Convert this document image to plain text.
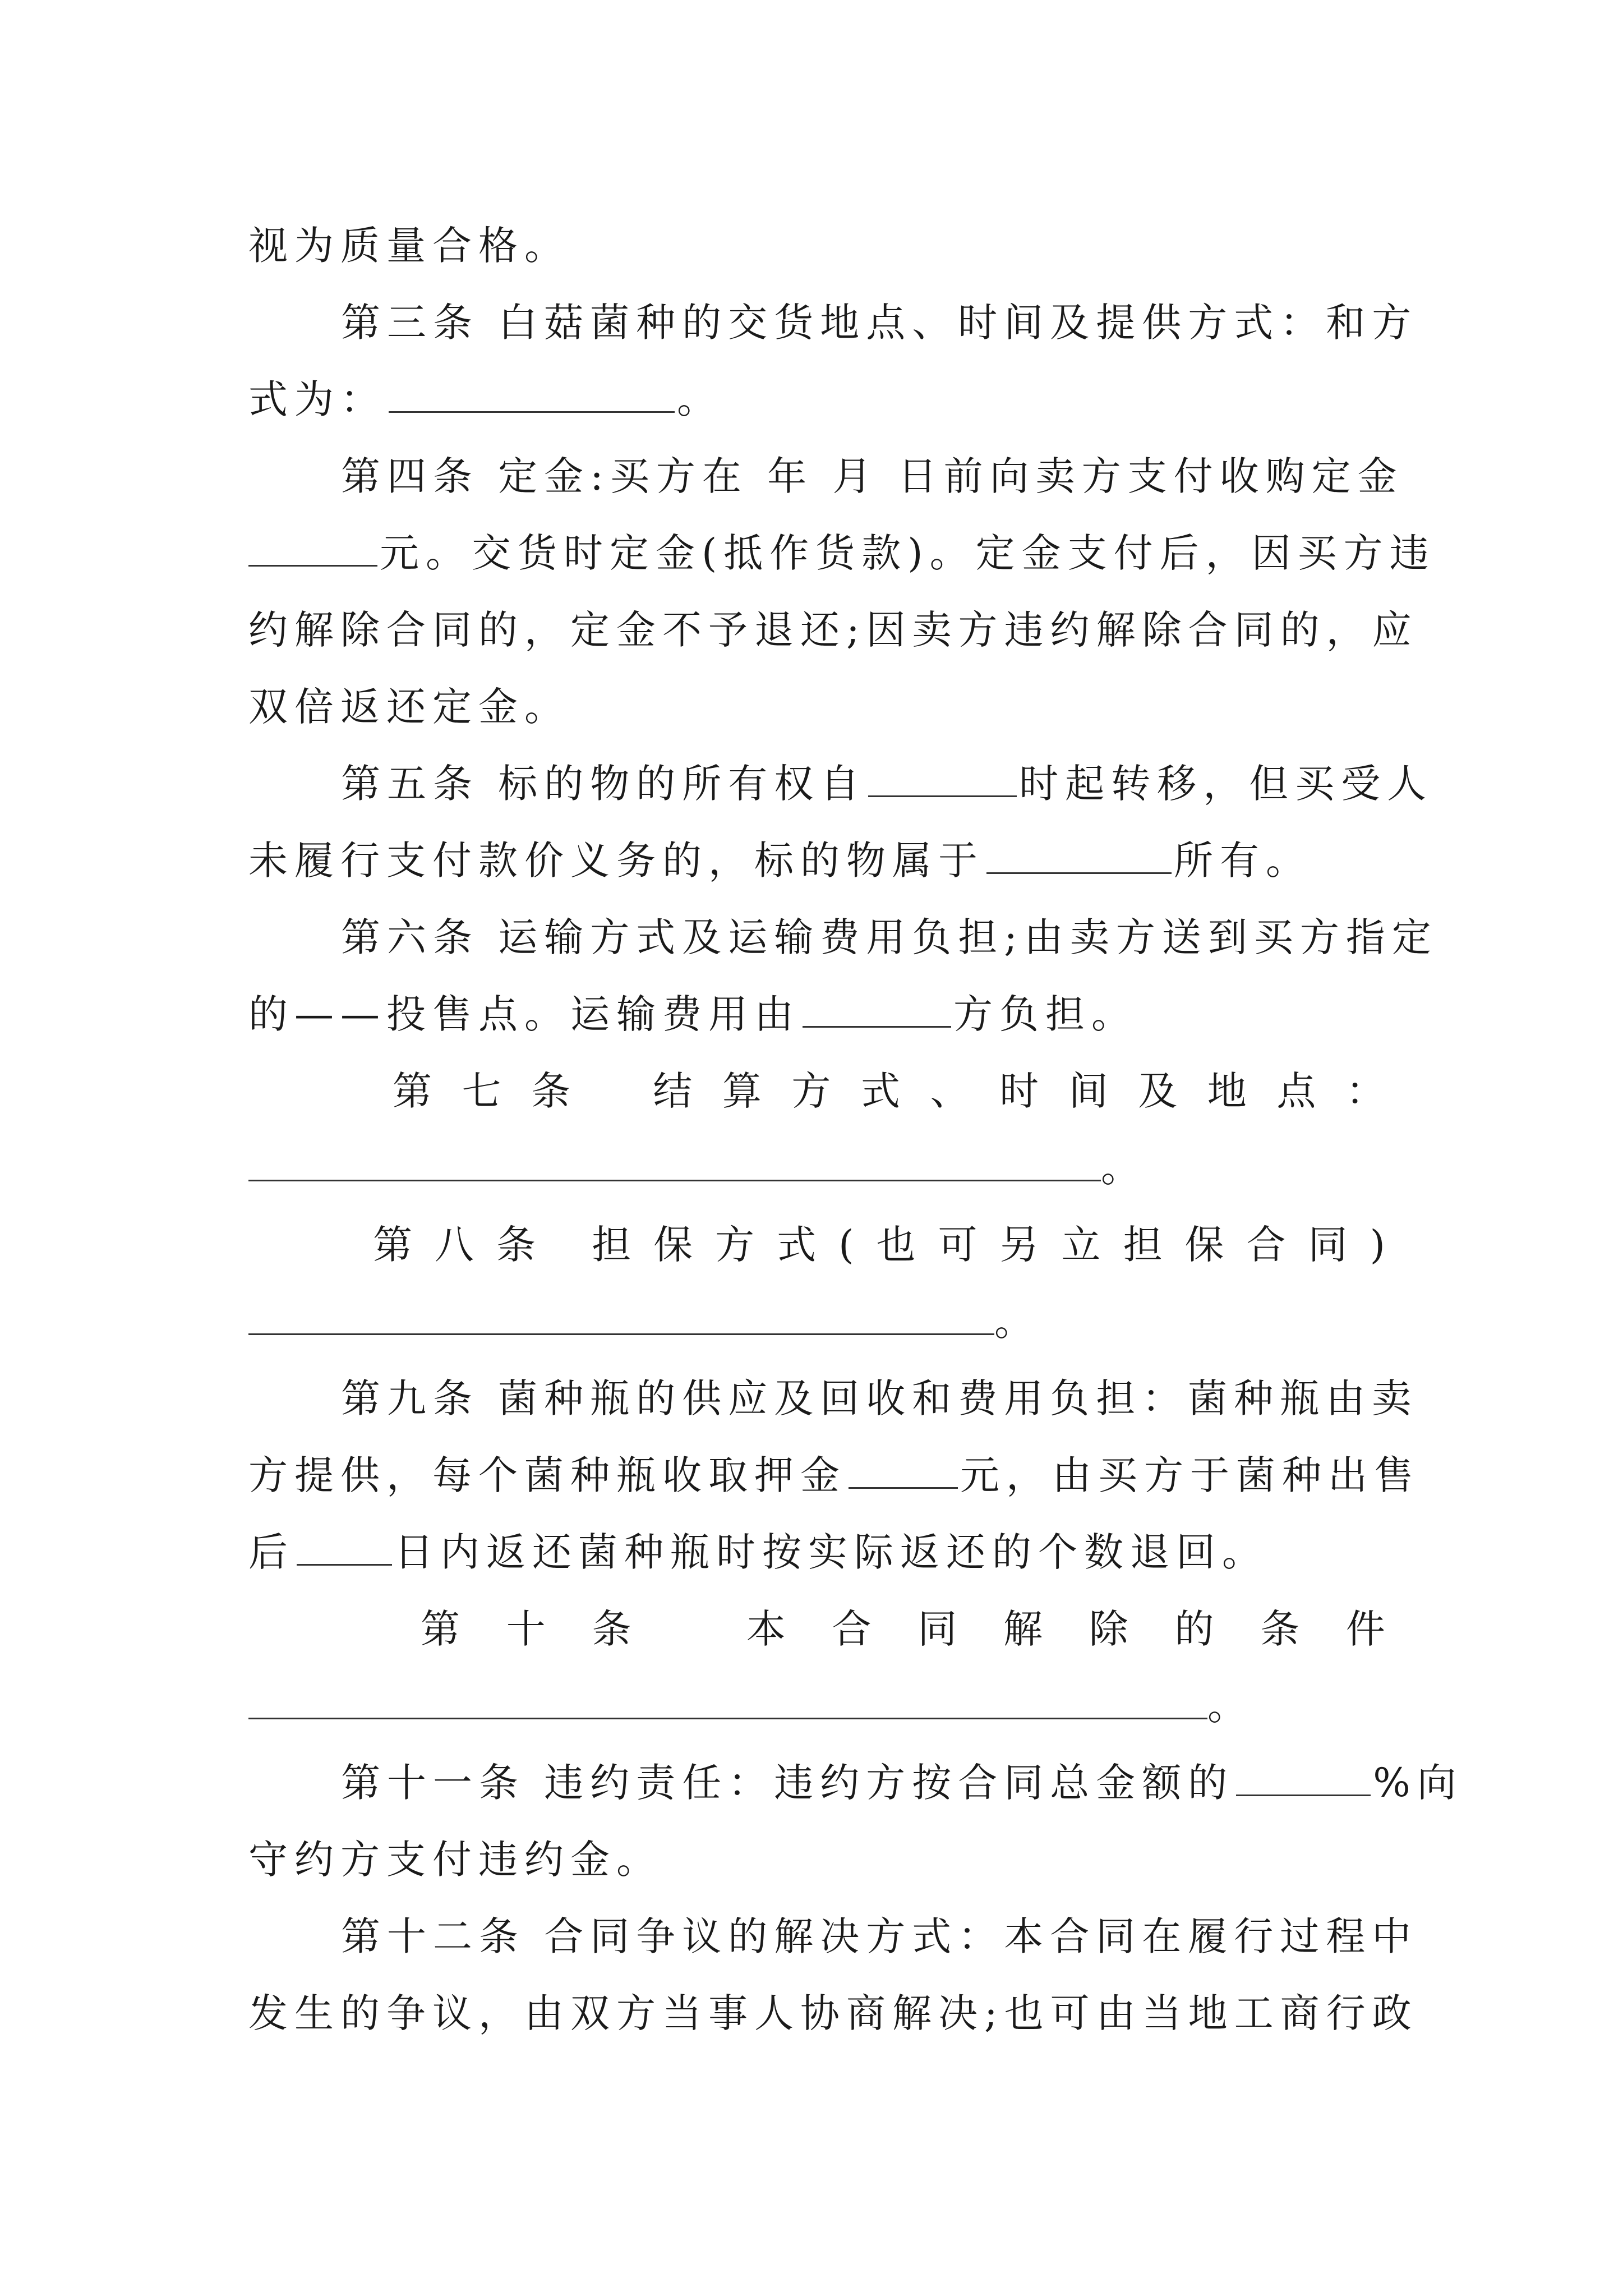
视为质量合格。
第三条 白菇菌种的交货地点、时间及提供方式：和方
式为：	。
第四条 定金:买方在 年 月 日前向卖方支付收购定金
元。交货时定金(抵作货款)。定金支付后，因买方违
约解除合同的，定金不予退还;因卖方违约解除合同的，应
双倍返还定金。
第五条 标的物的所有权自	时起转移，但买受人
未履行支付款价义务的，标的物属于	所有。
第六条 运输方式及运输费用负担;由卖方送到买方指定
的——投售点。运输费用由	方负担。
第 七 条 结 算 方 式 、 时 间 及 地 点 ：
。
第 八 条 担 保 方 式 ( 也 可 另 立 担 保 合 同 )
。
第九条 菌种瓶的供应及回收和费用负担：菌种瓶由卖
方提供，每个菌种瓶收取押金	元，由买方于菌种出售
后	日内返还菌种瓶时按实际返还的个数退回。
第 十 条	本 合 同 解 除 的 条 件
。
第十一条 违约责任：违约方按合同总金额的	%向
守约方支付违约金。
第十二条 合同争议的解决方式：本合同在履行过程中
发生的争议，由双方当事人协商解决;也可由当地工商行政
